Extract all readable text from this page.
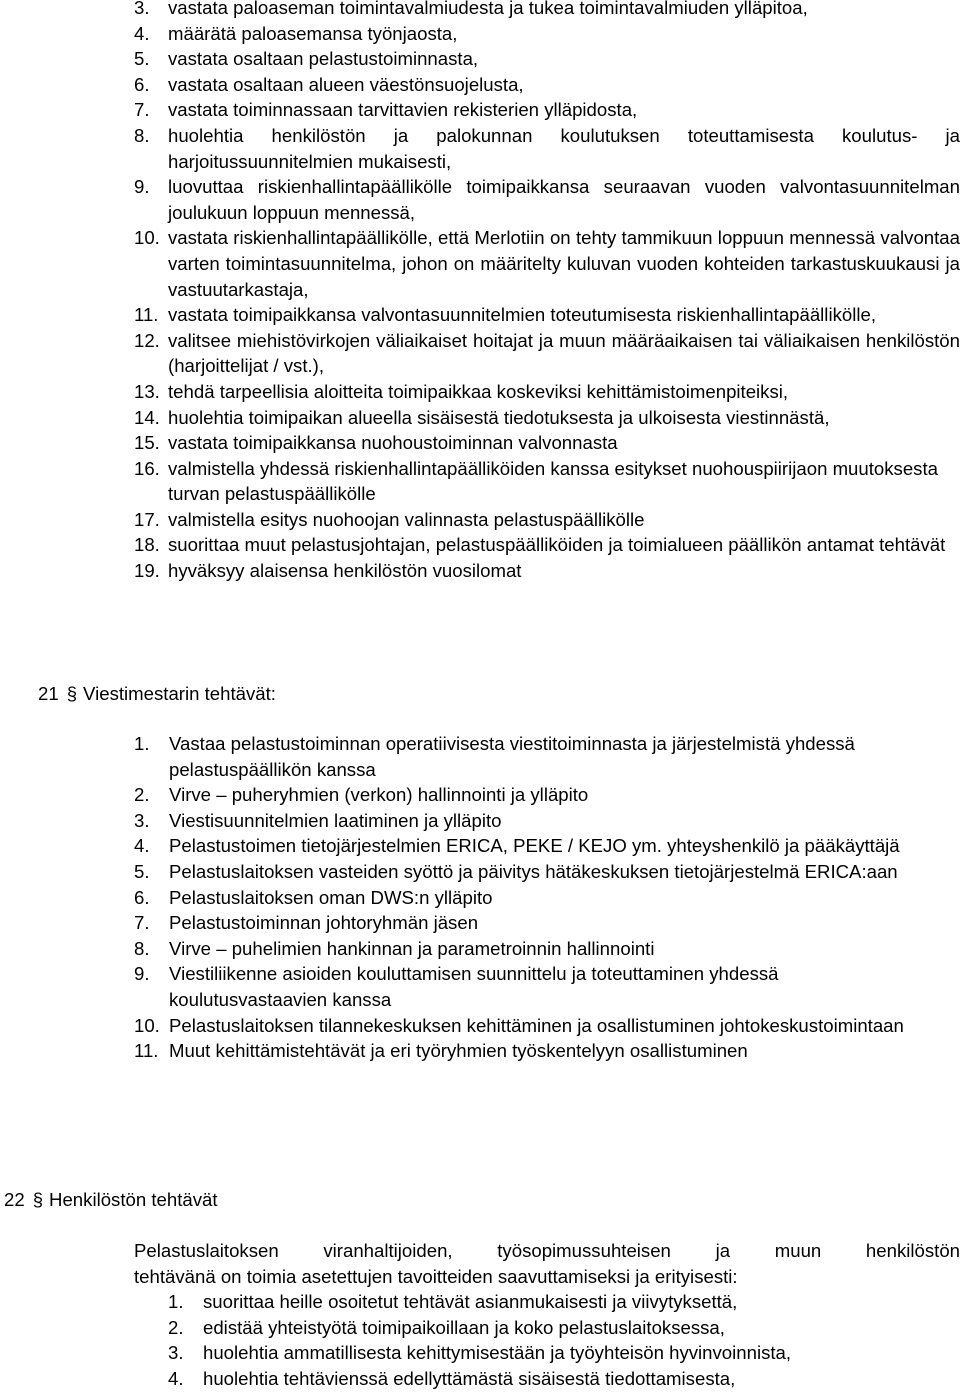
3. vastata paloaseman toimintavalmiudesta ja tukea toimintavalmiuden ylläpitoa,
4. määrätä paloasemansa työnjaosta,
5. vastata osaltaan pelastustoiminnasta,
6. vastata osaltaan alueen väestönsuojelusta,
7. vastata toiminnassaan tarvittavien rekisterien ylläpidosta,
8. huolehtia henkilöstön ja palokunnan koulutuksen toteuttamisesta koulutus- ja harjoitussuunnitelmien mukaisesti,
9. luovuttaa riskienhallintapäällikölle toimipaikkansa seuraavan vuoden valvontasuunnitelman joulukuun loppuun mennessä,
10. vastata riskienhallintapäällikölle, että Merlotiin on tehty tammikuun loppuun mennessä valvontaa varten toimintasuunnitelma, johon on määritelty kuluvan vuoden kohteiden tarkastuskuukausi ja vastuutarkastaja,
11. vastata toimipaikkansa valvontasuunnitelmien toteutumisesta riskienhallintapäällikölle,
12. valitsee miehistövirkojen väliaikaiset hoitajat ja muun määräaikaisen tai väliaikaisen henkilöstön (harjoittelijat / vst.),
13. tehdä tarpeellisia aloitteita toimipaikkaa koskeviksi kehittämistoimenpiteiksi,
14. huolehtia toimipaikan alueella sisäisestä tiedotuksesta ja ulkoisesta viestinnästä,
15. vastata toimipaikkansa nuohoustoiminnan valvonnasta
16. valmistella yhdessä riskienhallintapäälliköiden kanssa esitykset nuohouspiirijaon muutoksesta turvan pelastuspäällikölle
17. valmistella esitys nuohoojan valinnasta pelastuspäällikölle
18. suorittaa muut pelastusjohtajan, pelastuspäälliköiden ja toimialueen päällikön antamat tehtävät
19. hyväksyy alaisensa henkilöstön vuosilomat
21 § Viestimestarin tehtävät:
1. Vastaa pelastustoiminnan operatiivisesta viestitoiminnasta ja järjestelmistä yhdessä pelastuspäällikön kanssa
2. Virve – puheryhmien (verkon) hallinnointi ja ylläpito
3. Viestisuunnitelmien laatiminen ja ylläpito
4. Pelastustoimen tietojärjestelmien ERICA, PEKE / KEJO ym. yhteyshenkilö ja pääkäyttäjä
5. Pelastuslaitoksen vasteiden syöttö ja päivitys hätäkeskuksen tietojärjestelmä ERICA:aan
6. Pelastuslaitoksen oman DWS:n ylläpito
7. Pelastustoiminnan johtoryhmän jäsen
8. Virve – puhelimien hankinnan ja parametroinnin hallinnointi
9. Viestiliikenne asioiden kouluttamisen suunnittelu ja toteuttaminen yhdessä koulutusvastaavien kanssa
10. Pelastuslaitoksen tilannekeskuksen kehittäminen ja osallistuminen johtokeskustoimintaan
11. Muut kehittämistehtävät ja eri työryhmien työskentelyyn osallistuminen
22 § Henkilöstön tehtävät
Pelastuslaitoksen viranhaltijoiden, työsopimussuhteisen ja muun henkilöstön
tehtävänä on toimia asetettujen tavoitteiden saavuttamiseksi ja erityisesti:
1. suorittaa heille osoitetut tehtävät asianmukaisesti ja viivytyksettä,
2. edistää yhteistyötä toimipaikoillaan ja koko pelastuslaitoksessa,
3. huolehtia ammatillisesta kehittymisestään ja työyhteisön hyvinvoinnista,
4. huolehtia tehtävienssä edellyttämästä sisäisestä tiedottamisesta,
